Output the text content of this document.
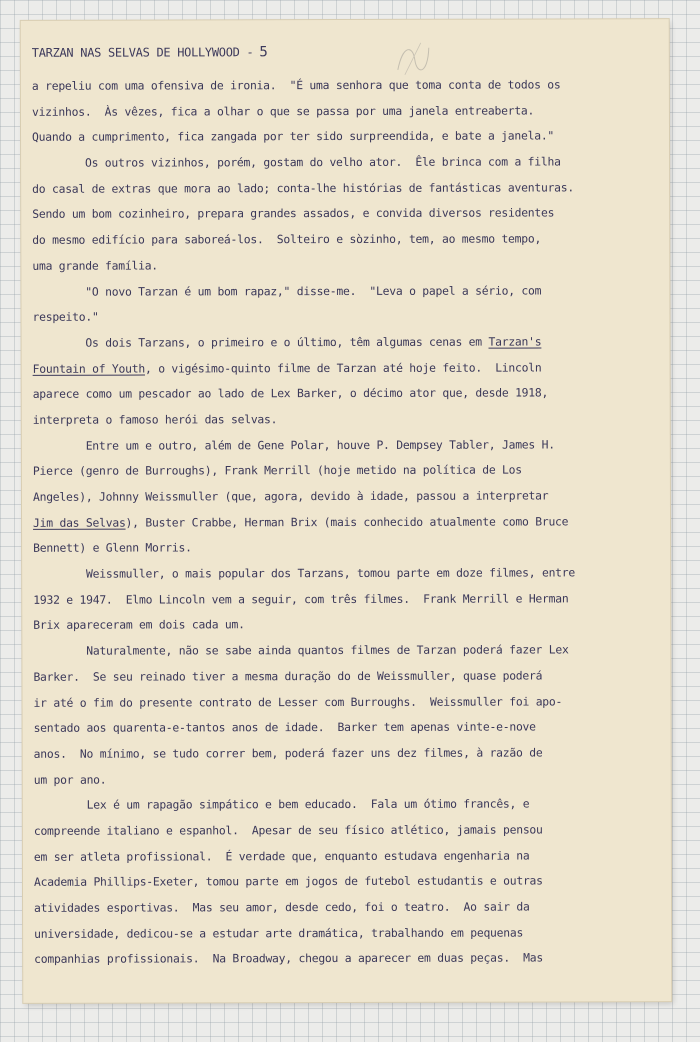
TARZAN NAS SELVAS DE HOLLYWOOD - 5
a repeliu com uma ofensiva de ironia.  "É uma senhora que toma conta de todos os
vizinhos.  Às vêzes, fica a olhar o que se passa por uma janela entreaberta.
Quando a cumprimento, fica zangada por ter sido surpreendida, e bate a janela."
Os outros vizinhos, porém, gostam do velho ator.  Êle brinca com a filha
do casal de extras que mora ao lado; conta-lhe histórias de fantásticas aventuras.
Sendo um bom cozinheiro, prepara grandes assados, e convida diversos residentes
do mesmo edifício para saboreá-los.  Solteiro e sòzinho, tem, ao mesmo tempo,
uma grande família.
"O novo Tarzan é um bom rapaz," disse-me.  "Leva o papel a sério, com
respeito."
Os dois Tarzans, o primeiro e o último, têm algumas cenas em Tarzan's
Fountain of Youth, o vigésimo-quinto filme de Tarzan até hoje feito.  Lincoln
aparece como um pescador ao lado de Lex Barker, o décimo ator que, desde 1918,
interpreta o famoso herói das selvas.
Entre um e outro, além de Gene Polar, houve P. Dempsey Tabler, James H.
Pierce (genro de Burroughs), Frank Merrill (hoje metido na política de Los
Angeles), Johnny Weissmuller (que, agora, devido à idade, passou a interpretar
Jim das Selvas), Buster Crabbe, Herman Brix (mais conhecido atualmente como Bruce
Bennett) e Glenn Morris.
Weissmuller, o mais popular dos Tarzans, tomou parte em doze filmes, entre
1932 e 1947.  Elmo Lincoln vem a seguir, com três filmes.  Frank Merrill e Herman
Brix apareceram em dois cada um.
Naturalmente, não se sabe ainda quantos filmes de Tarzan poderá fazer Lex
Barker.  Se seu reinado tiver a mesma duração do de Weissmuller, quase poderá
ir até o fim do presente contrato de Lesser com Burroughs.  Weissmuller foi apo-
sentado aos quarenta-e-tantos anos de idade.  Barker tem apenas vinte-e-nove
anos.  No mínimo, se tudo correr bem, poderá fazer uns dez filmes, à razão de
um por ano.
Lex é um rapagão simpático e bem educado.  Fala um ótimo francês, e
compreende italiano e espanhol.  Apesar de seu físico atlético, jamais pensou
em ser atleta profissional.  É verdade que, enquanto estudava engenharia na
Academia Phillips-Exeter, tomou parte em jogos de futebol estudantis e outras
atividades esportivas.  Mas seu amor, desde cedo, foi o teatro.  Ao sair da
universidade, dedicou-se a estudar arte dramática, trabalhando em pequenas
companhias profissionais.  Na Broadway, chegou a aparecer em duas peças.  Mas
